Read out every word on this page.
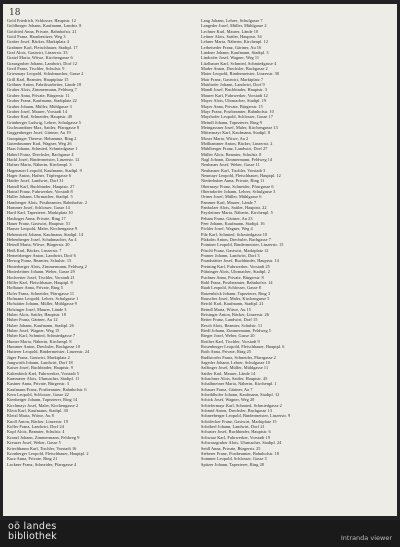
18
Gold Friedrich, Schlosser, Hauptstr. 12
Goldberger Johann, Kaufmann, Landstr. 8
Gottfried Anna, Private, Bahnhofstr. 21
Gottl Franz, Hausbesitzer, Weg 3
Graber Josef, Bäcker, Marktplatz 4
Grabmer Karl, Fleischhauer, Stadtpl. 17
Graf Alois, Gastwirt, Linzerstr. 33
Gratzl Maria, Witwe, Kirchengasse 6
Grausgruber Johann, Landwirt, Dorf 12
Greil Franz, Tischler, Schulstr. 9
Griesmayr Leopold, Schuhmacher, Gasse 2
Grill Karl, Beamter, Hauptplatz 15
Gröbner Anton, Fabriksarbeiter, Lände 18
Gruber Alois, Zimmermann, Feldweg 7
Gruber Anna, Private, Bürgerstr. 11
Gruber Franz, Kaufmann, Stadtplatz 22
Gruber Johann, Müller, Mühlgasse 3
Gruber Josef, Maurer, Vorstadt 14
Gruber Karl, Schneider, Hauptstr. 40
Grünberger Ludwig, Lehrer, Schulgasse 5
Gschwandtner Max, Sattler, Pfarrgasse 8
Guggenberger Josef, Gärtner, Au 19
Gumpinger Therese, Hebamme, Ring 2
Gutenbrunner Karl, Wagner, Weg 26
Haas Johann, Schmied, Schmiedgasse 1
Haberl Franz, Drechsler, Bachgasse 4
Hackl Josef, Bindermeister, Linzerstr. 12
Hafner Maria, Näherin, Kirchenpl. 3
Hagenauer Leopold, Kaufmann, Stadtpl. 9
Hager Anton, Hafner, Töpfergasse 6
Haider Josef, Landwirt, Dorf 31
Haindl Karl, Buchbinder, Hauptstr. 27
Hainzl Franz, Fuhrwerker, Vorstadt 8
Haller Johann, Uhrmacher, Stadtpl. 5
Hamberger Alois, Postbeamter, Bahnhofstr. 2
Hammer Josef, Schlosser, Gasse 14
Hartl Karl, Tapezierer, Marktplatz 10
Haslinger Anna, Private, Ring 17
Hauer Franz, Gastwirt, Hauptstr. 51
Hauser Leopold, Maler, Kirchengasse 9
Hebenstreit Johann, Kaufmann, Stadtpl. 14
Hehenberger Josef, Schuhmacher, Au 4
Heindl Maria, Witwe, Bürgerstr. 20
Heiß Karl, Bäcker, Linzerstr. 7
Hemetsberger Anton, Landwirt, Dorf 6
Herzog Franz, Beamter, Schulstr. 13
Hinterberger Alois, Zimmermann, Feldweg 2
Hinterleitner Johann, Weber, Gasse 29
Hochreiter Josef, Tischler, Vorstadt 21
Höller Karl, Fleischhauer, Hauptpl. 8
Hofbauer Anna, Private, Ring 5
Hofer Franz, Schneider, Pfarrgasse 11
Hofmann Leopold, Lehrer, Schulgasse 1
Hofstätter Johann, Müller, Mühlgasse 9
Holzinger Josef, Maurer, Lände 3
Huber Alois, Sattler, Hauptstr. 18
Huber Franz, Gärtner, Au 12
Huber Johann, Kaufmann, Stadtpl. 26
Huber Josef, Wagner, Weg 15
Huber Karl, Schmied, Schmiedgasse 7
Humer Maria, Näherin, Kirchenpl. 8
Hummer Anton, Drechsler, Bachgasse 10
Hutterer Leopold, Bindermeister, Linzerstr. 24
Jäger Franz, Gastwirt, Marktplatz 2
Jungwirth Johann, Landwirt, Dorf 18
Kaiser Josef, Buchbinder, Hauptstr. 9
Kaltenböck Karl, Fuhrwerker, Vorstadt 5
Kammerer Alois, Uhrmacher, Stadtpl. 11
Kastner Anna, Private, Bürgerstr. 3
Kaufmann Franz, Postbeamter, Bahnhofstr. 6
Kern Leopold, Schlosser, Gasse 22
Kienberger Johann, Tapezierer, Ring 14
Kirchmayr Josef, Maler, Kirchengasse 2
Klein Karl, Kaufmann, Stadtpl. 30
Kletzl Maria, Witwe, Au 8
Knoll Anton, Bäcker, Linzerstr. 19
Koller Franz, Landwirt, Dorf 24
Kopf Alois, Beamter, Schulstr. 4
Kranzl Johann, Zimmermann, Feldweg 9
Kreuzer Josef, Weber, Gasse 5
Kriechbaum Karl, Tischler, Vorstadt 16
Kronberger Leopold, Fleischhauer, Hauptpl. 2
Kurz Anna, Private, Ring 21
Lackner Franz, Schneider, Pfarrgasse 4
Lang Johann, Lehrer, Schulgasse 7
Langeder Josef, Müller, Mühlgasse 2
Lechner Karl, Maurer, Lände 10
Leitner Alois, Sattler, Hauptstr. 34
Lehner Maria, Näherin, Kirchenpl. 12
Leibetseder Franz, Gärtner, Au 16
Lindner Johann, Kaufmann, Stadtpl. 3
Lindorfer Josef, Wagner, Weg 11
Litzlbauer Karl, Schmied, Schmiedgasse 4
Mader Anton, Drechsler, Bachgasse 2
Maier Leopold, Bindermeister, Linzerstr. 30
Mair Franz, Gastwirt, Marktplatz 7
Mairhofer Johann, Landwirt, Dorf 9
Mandl Josef, Buchbinder, Hauptstr. 3
Maurer Karl, Fuhrwerker, Vorstadt 12
Mayer Alois, Uhrmacher, Stadtpl. 19
Mayer Anna, Private, Bürgerstr. 15
Mayr Franz, Postbeamter, Bahnhofstr. 10
Mayrhofer Leopold, Schlosser, Gasse 17
Meindl Johann, Tapezierer, Ring 9
Meingassner Josef, Maler, Kirchengasse 13
Mittermayr Karl, Kaufmann, Stadtpl. 8
Moser Maria, Witwe, Au 2
Moßhammer Anton, Bäcker, Linzerstr. 2
Mühlberger Franz, Landwirt, Dorf 27
Müller Alois, Beamter, Schulstr. 8
Nagl Johann, Zimmermann, Feldweg 14
Neubauer Josef, Weber, Gasse 11
Neuhauser Karl, Tischler, Vorstadt 3
Neumayr Leopold, Fleischhauer, Hauptpl. 12
Niederhuber Anna, Private, Ring 11
Obermayr Franz, Schneider, Pfarrgasse 6
Oberndorfer Johann, Lehrer, Schulgasse 3
Ortner Josef, Müller, Mühlgasse 6
Pammer Karl, Maurer, Lände 7
Panholzer Alois, Sattler, Hauptstr. 22
Payrleitner Maria, Näherin, Kirchenpl. 5
Peham Franz, Gärtner, Au 23
Peer Johann, Kaufmann, Stadtpl. 16
Pichler Josef, Wagner, Weg 4
Pilz Karl, Schmied, Schmiedgasse 10
Plakolm Anton, Drechsler, Bachgasse 7
Pointner Leopold, Bindermeister, Linzerstr. 15
Pöschl Franz, Gastwirt, Marktplatz 12
Pramer Johann, Landwirt, Dorf 3
Prandstätter Josef, Buchbinder, Hauptstr. 14
Preining Karl, Fuhrwerker, Vorstadt 25
Pühringer Alois, Uhrmacher, Stadtpl. 2
Puchner Anna, Private, Bürgerstr. 8
Rabl Franz, Postbeamter, Bahnhofstr. 14
Raab Leopold, Schlosser, Gasse 8
Ratzenböck Johann, Tapezierer, Ring 3
Rauscher Josef, Maler, Kirchengasse 5
Reichl Karl, Kaufmann, Stadtpl. 21
Reindl Maria, Witwe, Au 15
Reisinger Anton, Bäcker, Linzerstr. 26
Reiter Franz, Landwirt, Dorf 15
Resch Alois, Beamter, Schulstr. 11
Riedl Johann, Zimmermann, Feldweg 5
Rieger Josef, Weber, Gasse 20
Roither Karl, Tischler, Vorstadt 9
Rosenberger Leopold, Fleischhauer, Hauptpl. 6
Roth Anna, Private, Ring 25
Rudlstorfer Franz, Schneider, Pfarrgasse 2
Sageder Johann, Lehrer, Schulgasse 10
Salfinger Josef, Müller, Mühlgasse 11
Sattler Karl, Maurer, Lände 14
Schachner Alois, Sattler, Hauptstr. 45
Schallmeiner Maria, Näherin, Kirchenpl. 1
Schauer Franz, Gärtner, Au 7
Scheiblhofer Johann, Kaufmann, Stadtpl. 12
Schick Josef, Wagner, Weg 20
Schiefermayr Karl, Schmied, Schmiedgasse 2
Schmid Anton, Drechsler, Bachgasse 13
Schneeberger Leopold, Bindermeister, Linzerstr. 9
Schöfecker Franz, Gastwirt, Marktplatz 15
Schöberl Johann, Landwirt, Dorf 21
Schuster Josef, Buchbinder, Hauptstr. 6
Schwarz Karl, Fuhrwerker, Vorstadt 19
Schwarzgruber Alois, Uhrmacher, Stadtpl. 24
Seidl Anna, Private, Bürgerstr. 25
Sieberer Franz, Postbeamter, Bahnhofstr. 18
Sommer Leopold, Schlosser, Gasse 3
Spitzer Johann, Tapezierer, Ring 28
oö landes
bibliothek	Intranda viewer
